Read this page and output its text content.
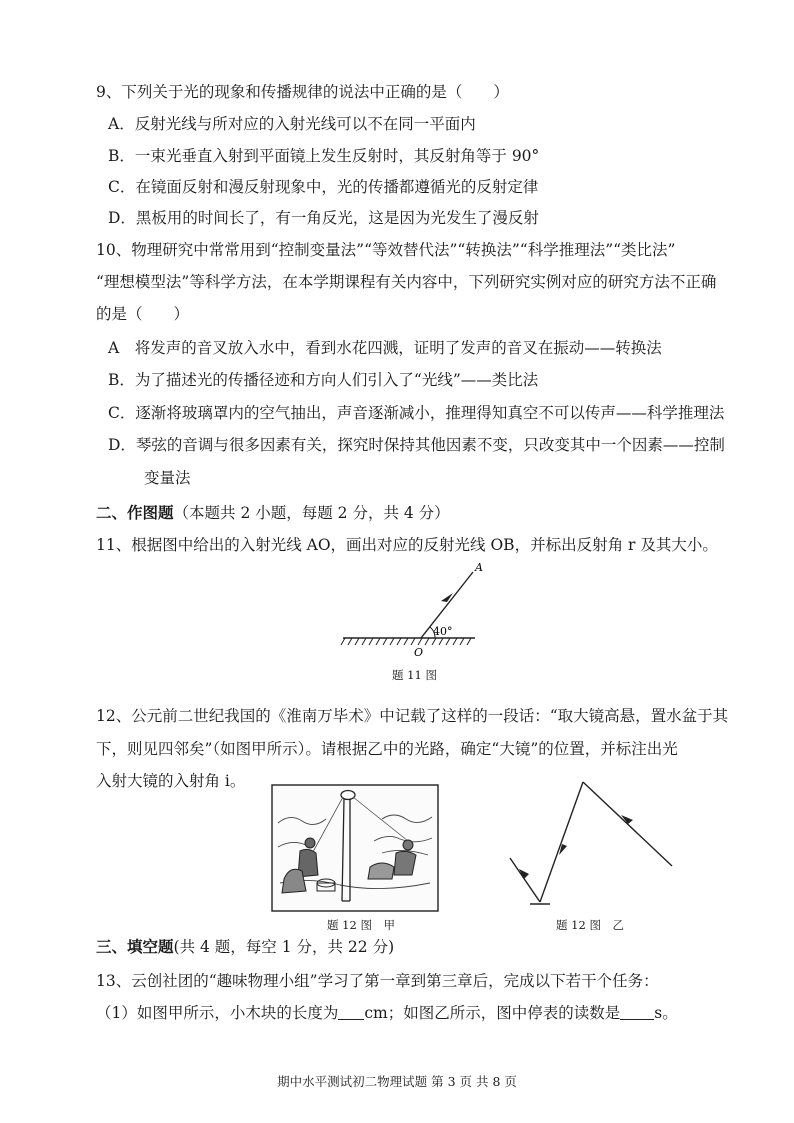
9、下列关于光的现象和传播规律的说法中正确的是（　　）
A．反射光线与所对应的入射光线可以不在同一平面内
B．一束光垂直入射到平面镜上发生反射时，其反射角等于 90°
C．在镜面反射和漫反射现象中，光的传播都遵循光的反射定律
D．黑板用的时间长了，有一角反光，这是因为光发生了漫反射
10、物理研究中常常用到“控制变量法”“等效替代法”“转换法”“科学推理法”“类比法”
“理想模型法”等科学方法，在本学期课程有关内容中，下列研究实例对应的研究方法不正确
的是（　　）
A　将发声的音叉放入水中，看到水花四溅，证明了发声的音叉在振动——转换法
B．为了描述光的传播径迹和方向人们引入了“光线”——类比法
C．逐渐将玻璃罩内的空气抽出，声音逐渐减小，推理得知真空不可以传声——科学推理法
D．琴弦的音调与很多因素有关，探究时保持其他因素不变，只改变其中一个因素——控制
变量法
二、作图题（本题共 2 小题，每题 2 分，共 4 分）
11、根据图中给出的入射光线 AO，画出对应的反射光线 OB，并标出反射角 r 及其大小。
A
O
40°
题 11 图
12、公元前二世纪我国的《淮南万毕术》中记载了这样的一段话：“取大镜高悬，置水盆于其
下，则见四邻矣”（如图甲所示）。请根据乙中的光路，确定“大镜”的位置，并标注出光
入射大镜的入射角 i。
题 12 图　甲	题 12 图　乙
三、填空题(共 4 题，每空 1 分，共 22 分)
13、云创社团的“趣味物理小组”学习了第一章到第三章后，完成以下若干个任务：
（1）如图甲所示，小木块的长度为 cm；如图乙所示，图中停表的读数是 s。
期中水平测试初二物理试题 第 3 页 共 8 页
